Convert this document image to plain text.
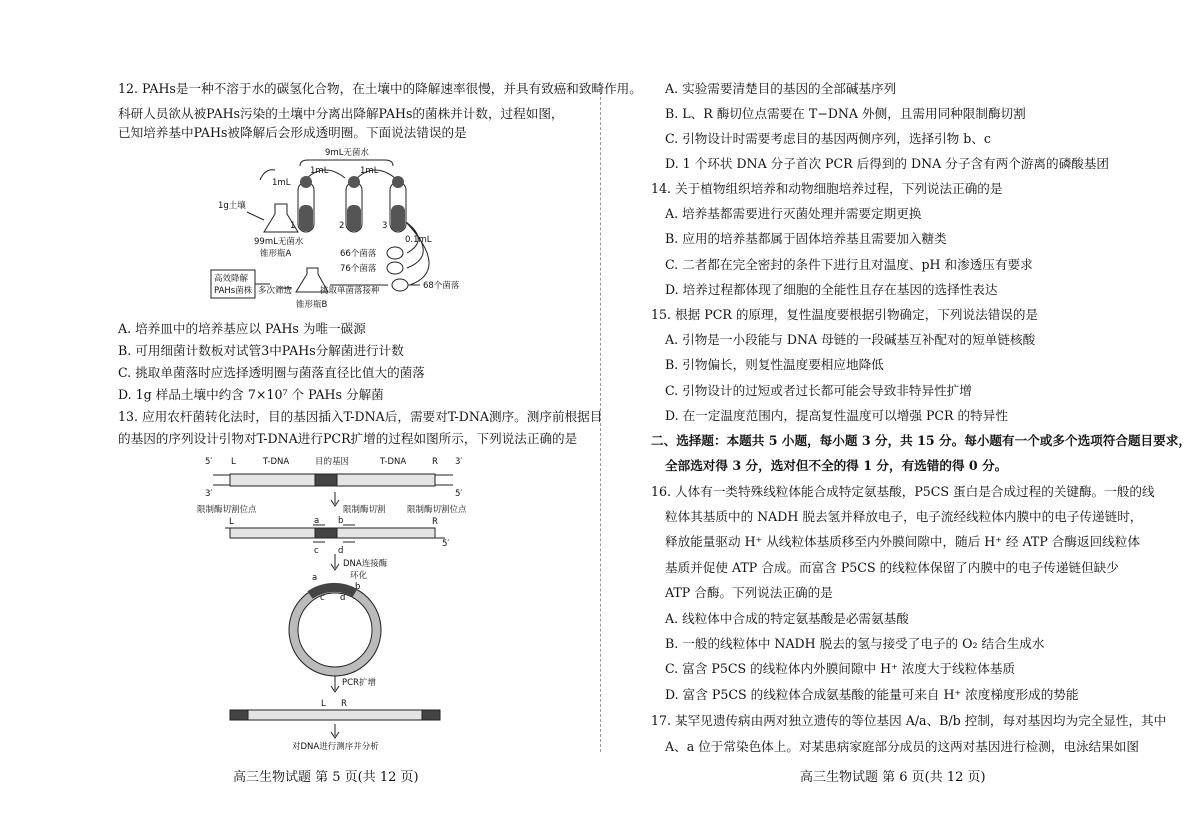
12. PAHs是一种不溶于水的碳氢化合物，在土壤中的降解速率很慢，并具有致癌和致畸作用。
科研人员欲从被PAHs污染的土壤中分离出降解PAHs的菌株并计数，过程如图，
已知培养基中PAHs被降解后会形成透明圈。下面说法错误的是
9mL无菌水
1mL
1mL	1mL
1g土壤
99mL无菌水
锥形瓶A
1	2	3
0.1mL
66个菌落
76个菌落
68个菌落
高效降解
PAHs菌株 多次筛选	挑取单菌落接种
锥形瓶B
A. 培养皿中的培养基应以 PAHs 为唯一碳源
B. 可用细菌计数板对试管3中PAHs分解菌进行计数
C. 挑取单菌落时应选择透明圈与菌落直径比值大的菌落
D. 1g 样品土壤中约含 7×10⁷ 个 PAHs 分解菌
13. 应用农杆菌转化法时，目的基因插入T-DNA后，需要对T-DNA测序。测序前根据目
的基因的序列设计引物对T-DNA进行PCR扩增的过程如图所示，下列说法正确的是
5′ L	T-DNA	目的基因	T-DNA	R 3′
3′	5′
限制酶切割位点	限制酶切割	限制酶切割位点
L	R
a b
c d
5′
DNA连接酶
环化
a
b
c d
PCR扩增
L R
对DNA进行测序并分析
高三生物试题 第 5 页(共 12 页)
A. 实验需要清楚目的基因的全部碱基序列
B. L、R 酶切位点需要在 T−DNA 外侧，且需用同种限制酶切割
C. 引物设计时需要考虑目的基因两侧序列，选择引物 b、c
D. 1 个环状 DNA 分子首次 PCR 后得到的 DNA 分子含有两个游离的磷酸基团
14. 关于植物组织培养和动物细胞培养过程，下列说法正确的是
A. 培养基都需要进行灭菌处理并需要定期更换
B. 应用的培养基都属于固体培养基且需要加入糖类
C. 二者都在完全密封的条件下进行且对温度、pH 和渗透压有要求
D. 培养过程都体现了细胞的全能性且存在基因的选择性表达
15. 根据 PCR 的原理，复性温度要根据引物确定，下列说法错误的是
A. 引物是一小段能与 DNA 母链的一段碱基互补配对的短单链核酸
B. 引物偏长，则复性温度要相应地降低
C. 引物设计的过短或者过长都可能会导致非特异性扩增
D. 在一定温度范围内，提高复性温度可以增强 PCR 的特异性
二、选择题：本题共 5 小题，每小题 3 分，共 15 分。每小题有一个或多个选项符合题目要求，
全部选对得 3 分，选对但不全的得 1 分，有选错的得 0 分。
16. 人体有一类特殊线粒体能合成特定氨基酸，P5CS 蛋白是合成过程的关键酶。一般的线
粒体其基质中的 NADH 脱去氢并释放电子，电子流经线粒体内膜中的电子传递链时，
释放能量驱动 H⁺ 从线粒体基质移至内外膜间隙中，随后 H⁺ 经 ATP 合酶返回线粒体
基质并促使 ATP 合成。而富含 P5CS 的线粒体保留了内膜中的电子传递链但缺少
ATP 合酶。下列说法正确的是
A. 线粒体中合成的特定氨基酸是必需氨基酸
B. 一般的线粒体中 NADH 脱去的氢与接受了电子的 O₂ 结合生成水
C. 富含 P5CS 的线粒体内外膜间隙中 H⁺ 浓度大于线粒体基质
D. 富含 P5CS 的线粒体合成氨基酸的能量可来自 H⁺ 浓度梯度形成的势能
17. 某罕见遗传病由两对独立遗传的等位基因 A/a、B/b 控制，每对基因均为完全显性，其中
A、a 位于常染色体上。对某患病家庭部分成员的这两对基因进行检测，电泳结果如图
高三生物试题 第 6 页(共 12 页)
